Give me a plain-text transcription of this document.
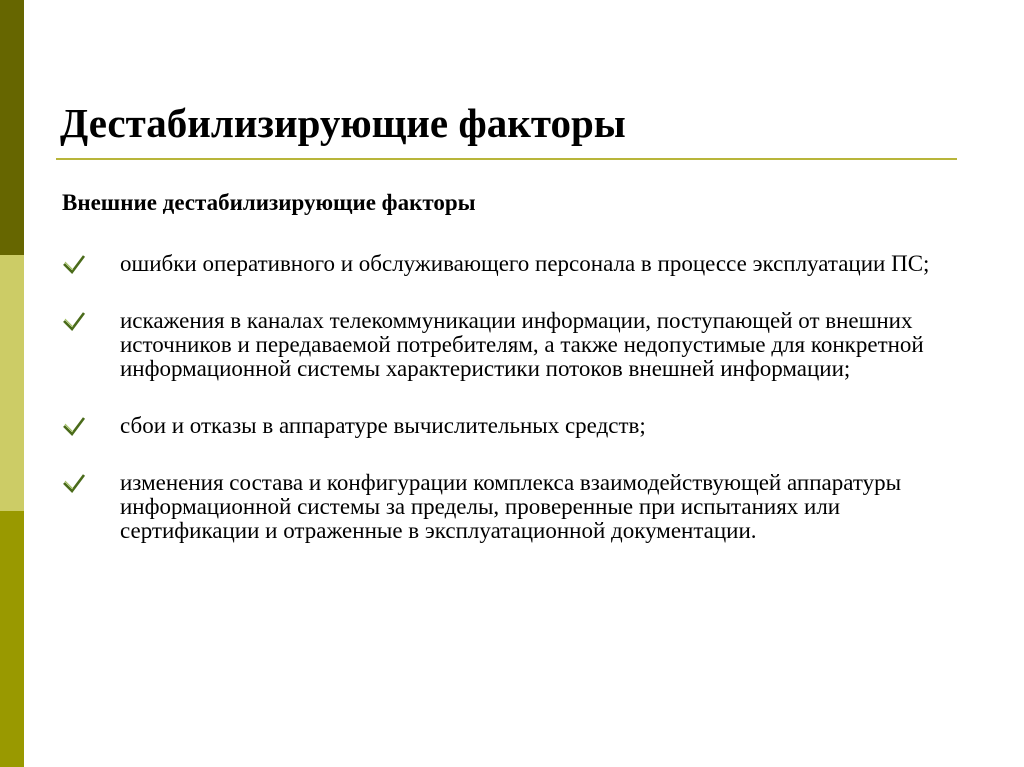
Дестабилизирующие факторы
Внешние дестабилизирующие факторы
ошибки оперативного и обслуживающего персонала в процессе эксплуатации ПС;
искажения в каналах телекоммуникации информации, поступающей от внешних источников и передаваемой потребителям, а также недопустимые для конкретной информационной системы характеристики потоков внешней информации;
сбои и отказы в аппаратуре вычислительных средств;
изменения состава и конфигурации комплекса взаимодействующей аппаратуры информационной системы за пределы, проверенные при испытаниях или сертификации и отраженные в эксплуатационной документации.
